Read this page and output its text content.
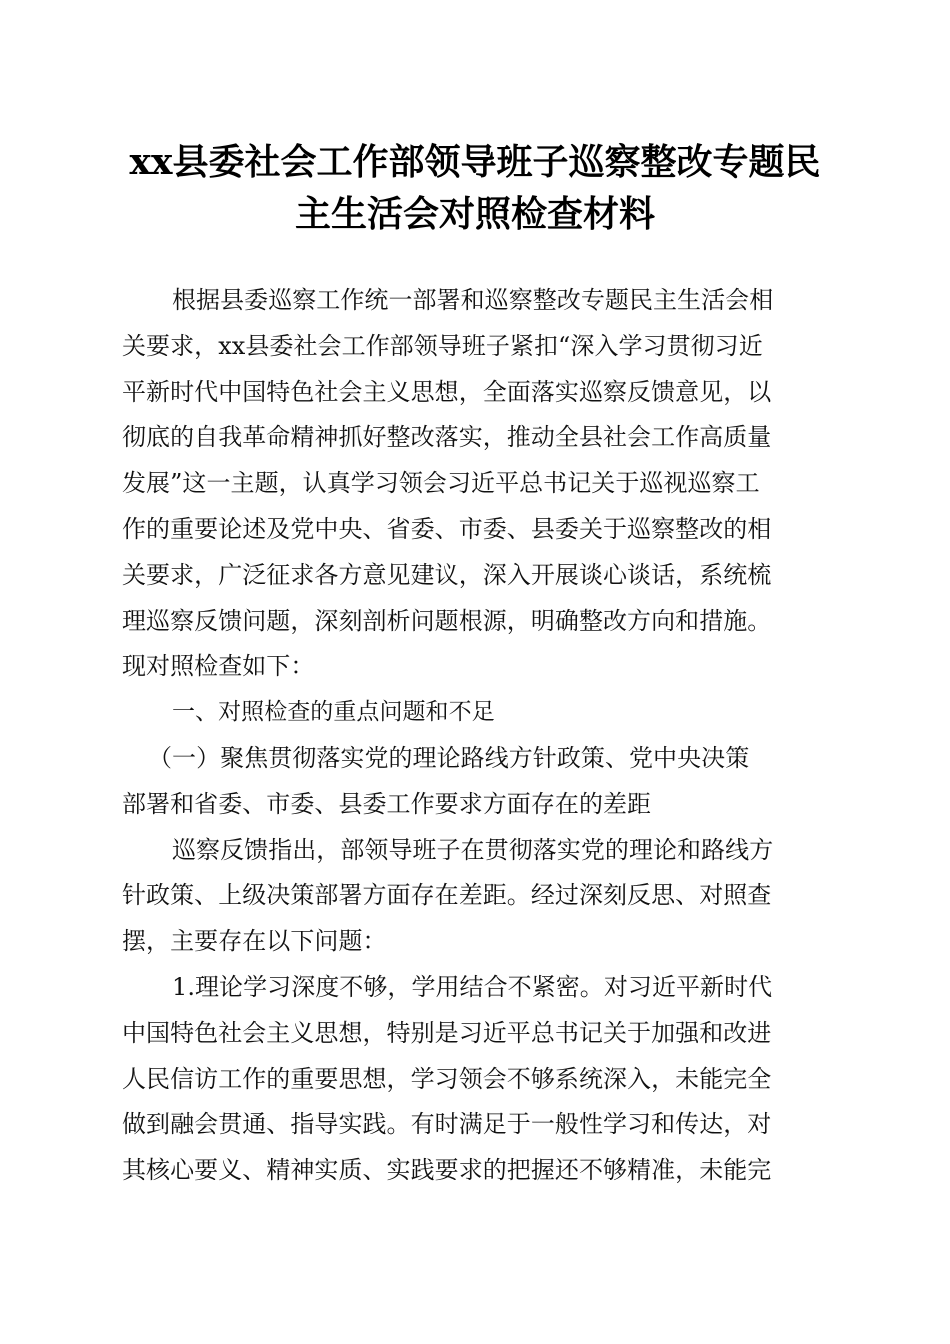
xx县委社会工作部领导班子巡察整改专题民
主生活会对照检查材料
根据县委巡察工作统一部署和巡察整改专题民主生活会相
关要求，xx县委社会工作部领导班子紧扣“深入学习贯彻习近
平新时代中国特色社会主义思想，全面落实巡察反馈意见，以
彻底的自我革命精神抓好整改落实，推动全县社会工作高质量
发展”这一主题，认真学习领会习近平总书记关于巡视巡察工
作的重要论述及党中央、省委、市委、县委关于巡察整改的相
关要求，广泛征求各方意见建议，深入开展谈心谈话，系统梳
理巡察反馈问题，深刻剖析问题根源，明确整改方向和措施。
现对照检查如下：
一、对照检查的重点问题和不足
（一）聚焦贯彻落实党的理论路线方针政策、党中央决策
部署和省委、市委、县委工作要求方面存在的差距
巡察反馈指出，部领导班子在贯彻落实党的理论和路线方
针政策、上级决策部署方面存在差距。经过深刻反思、对照查
摆，主要存在以下问题：
1.理论学习深度不够，学用结合不紧密。对习近平新时代
中国特色社会主义思想，特别是习近平总书记关于加强和改进
人民信访工作的重要思想，学习领会不够系统深入，未能完全
做到融会贯通、指导实践。有时满足于一般性学习和传达，对
其核心要义、精神实质、实践要求的把握还不够精准，未能完
